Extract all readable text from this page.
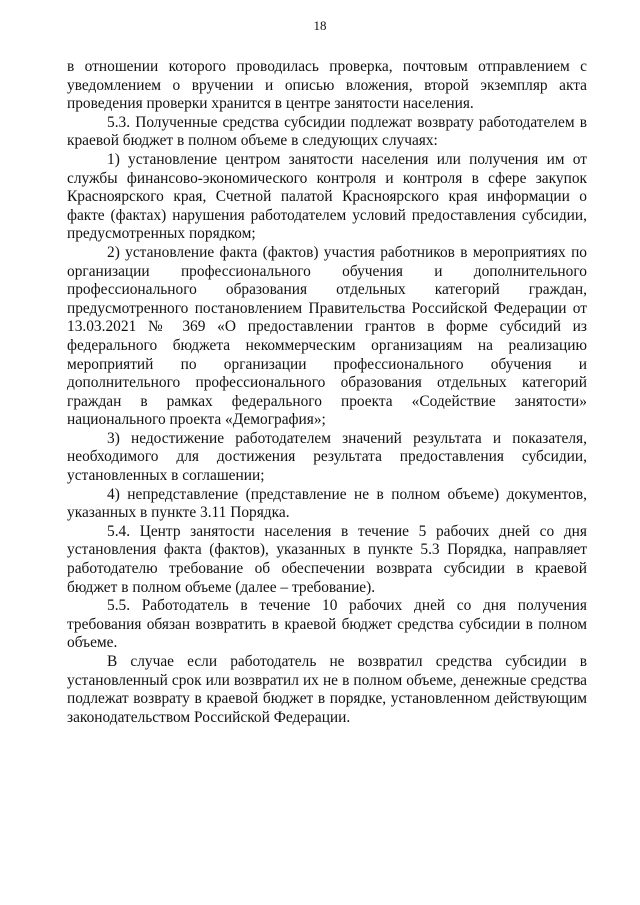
18

в отношении которого проводилась проверка, почтовым отправлением с уведомлением о вручении и описью вложения, второй экземпляр акта проведения проверки хранится в центре занятости населения.

5.3. Полученные средства субсидии подлежат возврату работодателем в краевой бюджет в полном объеме в следующих случаях:

1) установление центром занятости населения или получения им от службы финансово-экономического контроля и контроля в сфере закупок Красноярского края, Счетной палатой Красноярского края информации о факте (фактах) нарушения работодателем условий предоставления субсидии, предусмотренных порядком;

2) установление факта (фактов) участия работников в мероприятиях по организации профессионального обучения и дополнительного профессионального образования отдельных категорий граждан, предусмотренного постановлением Правительства Российской Федерации от 13.03.2021 № 369 «О предоставлении грантов в форме субсидий из федерального бюджета некоммерческим организациям на реализацию мероприятий по организации профессионального обучения и дополнительного профессионального образования отдельных категорий граждан в рамках федерального проекта «Содействие занятости» национального проекта «Демография»;

3) недостижение работодателем значений результата и показателя, необходимого для достижения результата предоставления субсидии, установленных в соглашении;

4) непредставление (представление не в полном объеме) документов, указанных в пункте 3.11 Порядка.

5.4. Центр занятости населения в течение 5 рабочих дней со дня установления факта (фактов), указанных в пункте 5.3 Порядка, направляет работодателю требование об обеспечении возврата субсидии в краевой бюджет в полном объеме (далее – требование).

5.5. Работодатель в течение 10 рабочих дней со дня получения требования обязан возвратить в краевой бюджет средства субсидии в полном объеме.

В случае если работодатель не возвратил средства субсидии в установленный срок или возвратил их не в полном объеме, денежные средства подлежат возврату в краевой бюджет в порядке, установленном действующим законодательством Российской Федерации.
